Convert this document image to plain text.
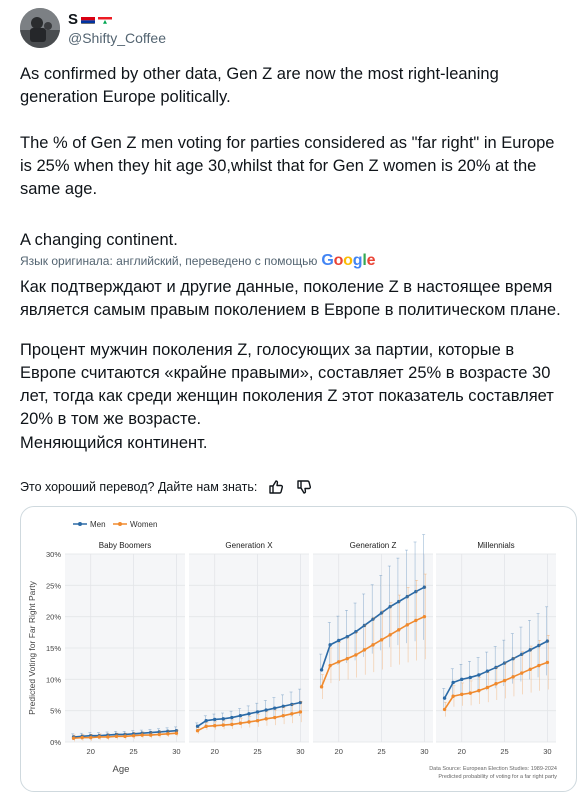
S
@Shifty_Coffee
As confirmed by other data, Gen Z are now the most right-leaning generation Europe politically.
The % of Gen Z men voting for parties considered as "far right" in Europe is 25% when they hit age 30,whilst that for Gen Z women is 20% at the same age.
A changing continent.
Язык оригинала: английский, переведено с помощью Google
Как подтверждают и другие данные, поколение Z в настоящее время является самым правым поколением в Европе в политическом плане.
Процент мужчин поколения Z, голосующих за партии, которые в Европе считаются «крайне правыми», составляет 25% в возрасте 30 лет, тогда как среди женщин поколения Z этот показатель составляет 20% в том же возрасте.
Меняющийся континент.
Это хороший перевод? Дайте нам знать:
Men	Women
Predicted Voting for Far Right Party
0%
5%
10%
15%
20%
25%
30%
20	25	30
Baby Boomers
20	25	30
Generation X
20	25	30
Generation Z
20	25	30
Millennials
Age	Data Source: European Election Studies: 1989-2024
Predicted probability of voting for a far right party
